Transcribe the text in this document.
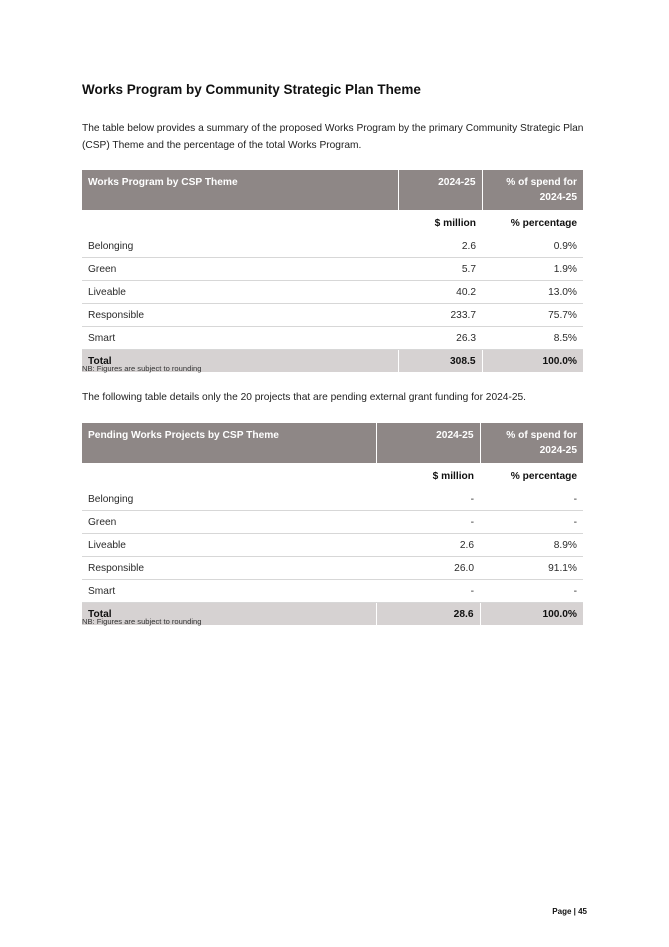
Works Program by Community Strategic Plan Theme

The table below provides a summary of the proposed Works Program by the primary Community Strategic Plan (CSP) Theme and the percentage of the total Works Program.

Works Program by CSP Theme	2024-25	% of spend for 2024-25
	$ million	% percentage
Belonging	2.6	0.9%
Green	5.7	1.9%
Liveable	40.2	13.0%
Responsible	233.7	75.7%
Smart	26.3	8.5%
Total	308.5	100.0%

NB: Figures are subject to rounding

The following table details only the 20 projects that are pending external grant funding for 2024-25.

Pending Works Projects by CSP Theme	2024-25	% of spend for 2024-25
	$ million	% percentage
Belonging	-	-
Green	-	-
Liveable	2.6	8.9%
Responsible	26.0	91.1%
Smart	-	-
Total	28.6	100.0%

NB: Figures are subject to rounding

Page | 45
